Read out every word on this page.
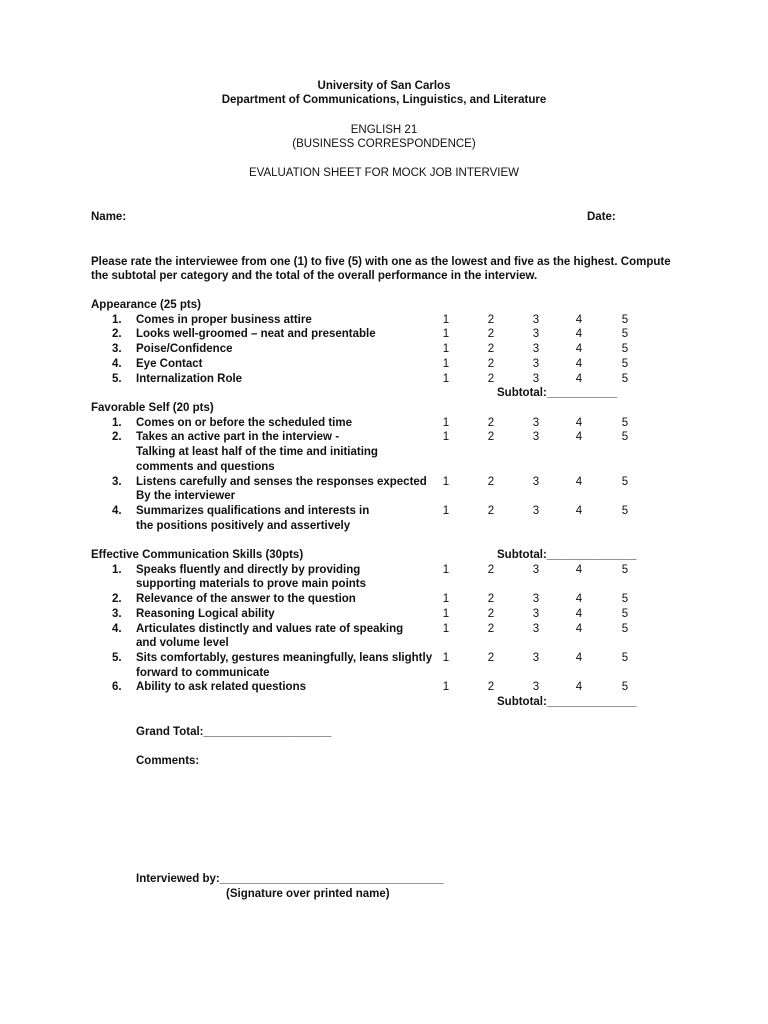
University of San Carlos
Department of Communications, Linguistics, and Literature
ENGLISH 21
(BUSINESS CORRESPONDENCE)
EVALUATION SHEET FOR MOCK JOB INTERVIEW
Name:	Date:
Please rate the interviewee from one (1) to five (5) with one as the lowest and five as the highest. Compute
the subtotal per category and the total of the overall performance in the interview.
Appearance (25 pts)
1. Comes in proper business attire	1	2	3	4	5
2. Looks well-groomed – neat and presentable	1	2	3	4	5
3. Poise/Confidence	1	2	3	4	5
4. Eye Contact	1	2	3	4	5
5. Internalization Role	1	2	3	4	5
Subtotal:___________
Favorable Self (20 pts)
1. Comes on or before the scheduled time	1	2	3	4	5
2. Takes an active part in the interview -
Talking at least half of the time and initiating
comments and questions
1	2	3	4	5
3. Listens carefully and senses the responses expected
By the interviewer
1	2	3	4	5
4. Summarizes qualifications and interests in
the positions positively and assertively
1	2	3	4	5
Subtotal:______________
Effective Communication Skills (30pts)
1. Speaks fluently and directly by providing
supporting materials to prove main points
1	2	3	4	5
2. Relevance of the answer to the question	1	2	3	4	5
3. Reasoning Logical ability	1	2	3	4	5
4. Articulates distinctly and values rate of speaking
and volume level
1	2	3	4	5
5. Sits comfortably, gestures meaningfully, leans slightly
forward to communicate
1	2	3	4	5
6. Ability to ask related questions	1	2	3	4	5
Subtotal:______________
Grand Total:____________________
Comments:
Interviewed by:___________________________________
(Signature over printed name)
